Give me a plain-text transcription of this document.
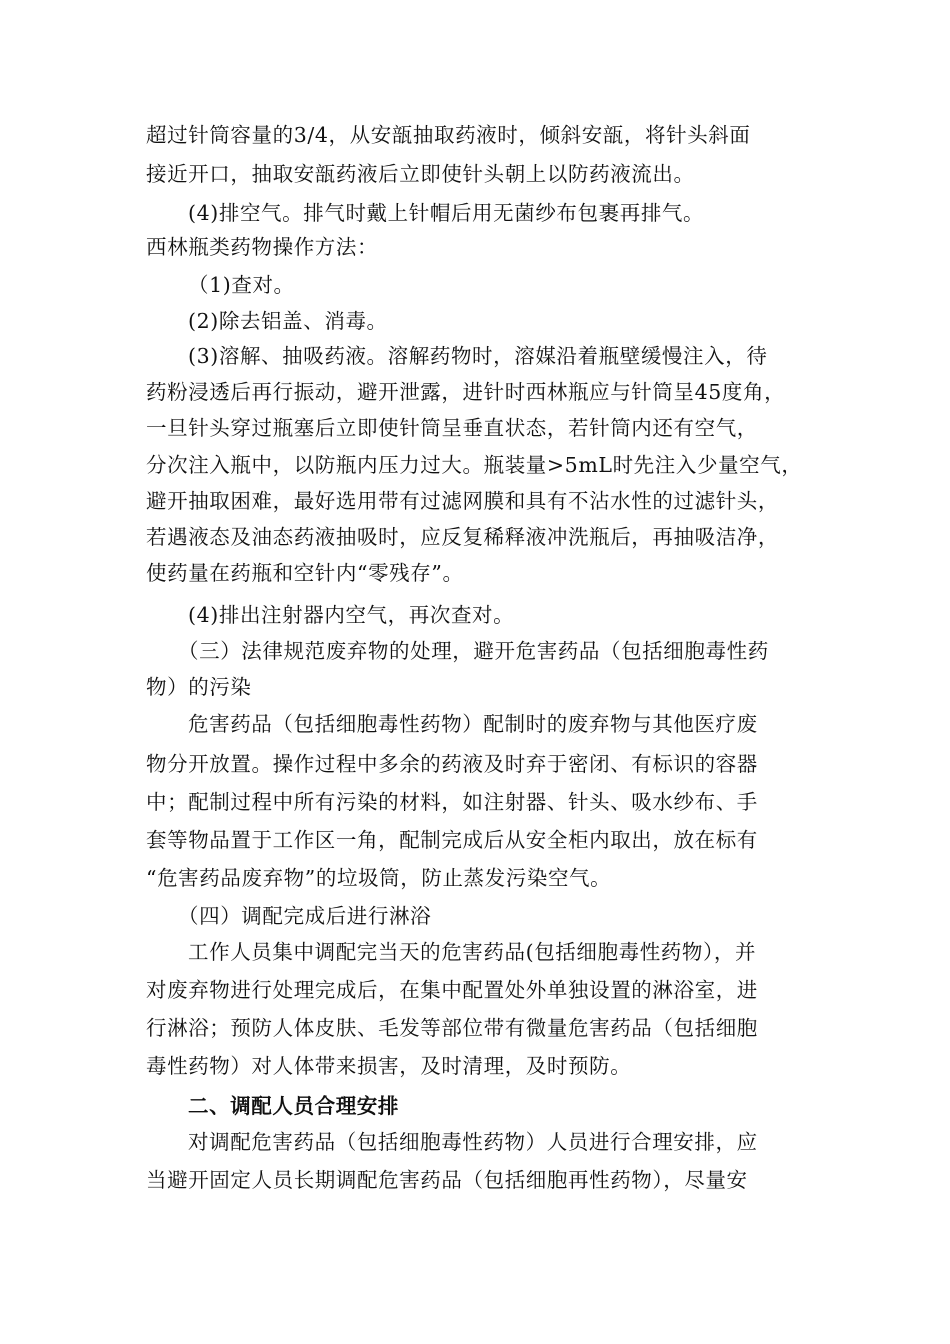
超过针筒容量的3/4，从安瓿抽取药液时，倾斜安瓿，将针头斜面
接近开口，抽取安瓿药液后立即使针头朝上以防药液流出。
(4)排空气。排气时戴上针帽后用无菌纱布包裹再排气。
西林瓶类药物操作方法：
（1)查对。
(2)除去铝盖、消毒。
(3)溶解、抽吸药液。溶解药物时，溶媒沿着瓶壁缓慢注入，待
药粉浸透后再行振动，避开泄露，进针时西林瓶应与针筒呈45度角，
一旦针头穿过瓶塞后立即使针筒呈垂直状态，若针筒内还有空气，
分次注入瓶中，以防瓶内压力过大。瓶装量>5mL时先注入少量空气，
避开抽取困难，最好选用带有过滤网膜和具有不沾水性的过滤针头，
若遇液态及油态药液抽吸时，应反复稀释液冲洗瓶后，再抽吸洁净，
使药量在药瓶和空针内“零残存”。
(4)排出注射器内空气，再次查对。
（三）法律规范废弃物的处理，避开危害药品（包括细胞毒性药
物）的污染
危害药品（包括细胞毒性药物）配制时的废弃物与其他医疗废
物分开放置。操作过程中多余的药液及时弃于密闭、有标识的容器
中；配制过程中所有污染的材料，如注射器、针头、吸水纱布、手
套等物品置于工作区一角，配制完成后从安全柜内取出，放在标有
“危害药品废弃物”的垃圾筒，防止蒸发污染空气。
（四）调配完成后进行淋浴
工作人员集中调配完当天的危害药品(包括细胞毒性药物），并
对废弃物进行处理完成后，在集中配置处外单独设置的淋浴室，进
行淋浴；预防人体皮肤、毛发等部位带有微量危害药品（包括细胞
毒性药物）对人体带来损害，及时清理，及时预防。
二、调配人员合理安排
对调配危害药品（包括细胞毒性药物）人员进行合理安排，应
当避开固定人员长期调配危害药品（包括细胞再性药物），尽量安
